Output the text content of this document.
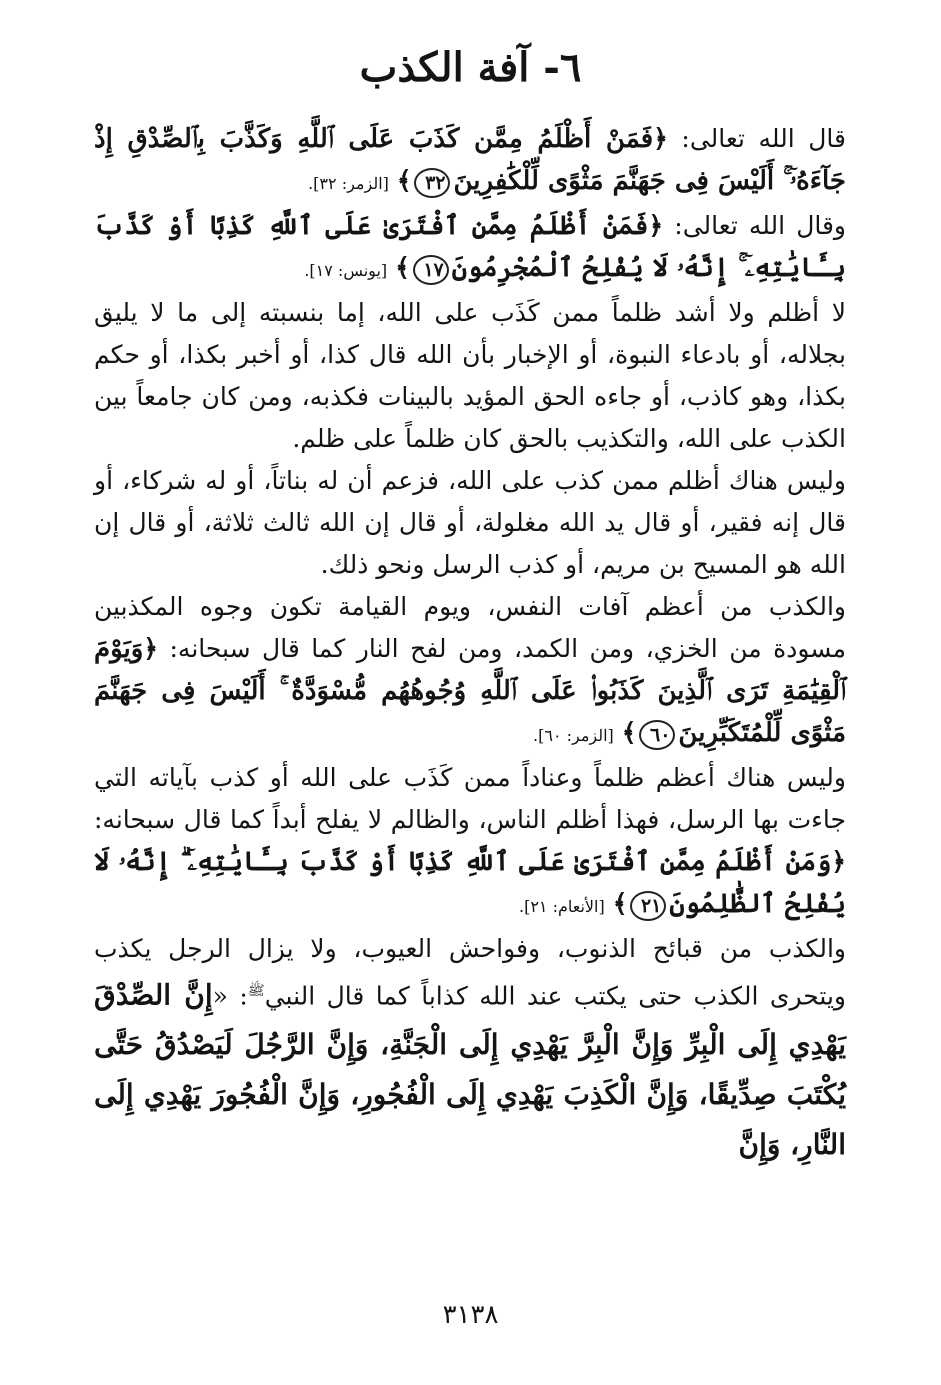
٦- آفة الكذب

قال الله تعالى: ﴿فَمَنْ أَظْلَمُ مِمَّن كَذَبَ عَلَى ٱللَّهِ وَكَذَّبَ بِٱلصِّدْقِ إِذْ جَآءَهُۥٓ ۚ أَلَيْسَ فِى جَهَنَّمَ مَثْوًى لِّلْكَٰفِرِينَ٣٢﴾ [الزمر: ٣٢].

وقال الله تعالى: ﴿فَمَنْ أَظْلَمُ مِمَّنِ ٱفْتَرَىٰ عَلَى ٱللَّهِ كَذِبًا أَوْ كَذَّبَ بِـَٔايَٰتِهِۦٓ ۚ إِنَّهُۥ لَا يُفْلِحُ ٱلْمُجْرِمُونَ١٧﴾ [يونس: ١٧].

لا أظلم ولا أشد ظلماً ممن كَذَب على الله، إما بنسبته إلى ما لا يليق بجلاله، أو بادعاء النبوة، أو الإخبار بأن الله قال كذا، أو أخبر بكذا، أو حكم بكذا، وهو كاذب، أو جاءه الحق المؤيد بالبينات فكذبه، ومن كان جامعاً بين الكذب على الله، والتكذيب بالحق كان ظلماً على ظلم.

وليس هناك أظلم ممن كذب على الله، فزعم أن له بناتاً، أو له شركاء، أو قال إنه فقير، أو قال يد الله مغلولة، أو قال إن الله ثالث ثلاثة، أو قال إن الله هو المسيح بن مريم، أو كذب الرسل ونحو ذلك.

والكذب من أعظم آفات النفس، ويوم القيامة تكون وجوه المكذبين مسودة من الخزي، ومن الكمد، ومن لفح النار كما قال سبحانه: ﴿وَيَوْمَ ٱلْقِيَٰمَةِ تَرَى ٱلَّذِينَ كَذَبُوا۟ عَلَى ٱللَّهِ وُجُوهُهُم مُّسْوَدَّةٌ ۚ أَلَيْسَ فِى جَهَنَّمَ مَثْوًى لِّلْمُتَكَبِّرِينَ٦٠﴾ [الزمر: ٦٠].

وليس هناك أعظم ظلماً وعناداً ممن كَذَب على الله أو كذب بآياته التي جاءت بها الرسل، فهذا أظلم الناس، والظالم لا يفلح أبداً كما قال سبحانه: ﴿وَمَنْ أَظْلَمُ مِمَّنِ ٱفْتَرَىٰ عَلَى ٱللَّهِ كَذِبًا أَوْ كَذَّبَ بِـَٔايَٰتِهِۦٓ ۗ إِنَّهُۥ لَا يُفْلِحُ ٱلظَّٰلِمُونَ٢١﴾ [الأنعام: ٢١].

والكذب من قبائح الذنوب، وفواحش العيوب، ولا يزال الرجل يكذب ويتحرى الكذب حتى يكتب عند الله كذاباً كما قال النبي$^ﷺ$: «إِنَّ الصِّدْقَ يَهْدِي إِلَى الْبِرِّ وَإِنَّ الْبِرَّ يَهْدِي إِلَى الْجَنَّةِ، وَإِنَّ الرَّجُلَ لَيَصْدُقُ حَتَّى يُكْتَبَ صِدِّيقًا، وَإِنَّ الْكَذِبَ يَهْدِي إِلَى الْفُجُورِ، وَإِنَّ الْفُجُورَ يَهْدِي إِلَى النَّارِ، وَإِنَّ

٣١٣٨
